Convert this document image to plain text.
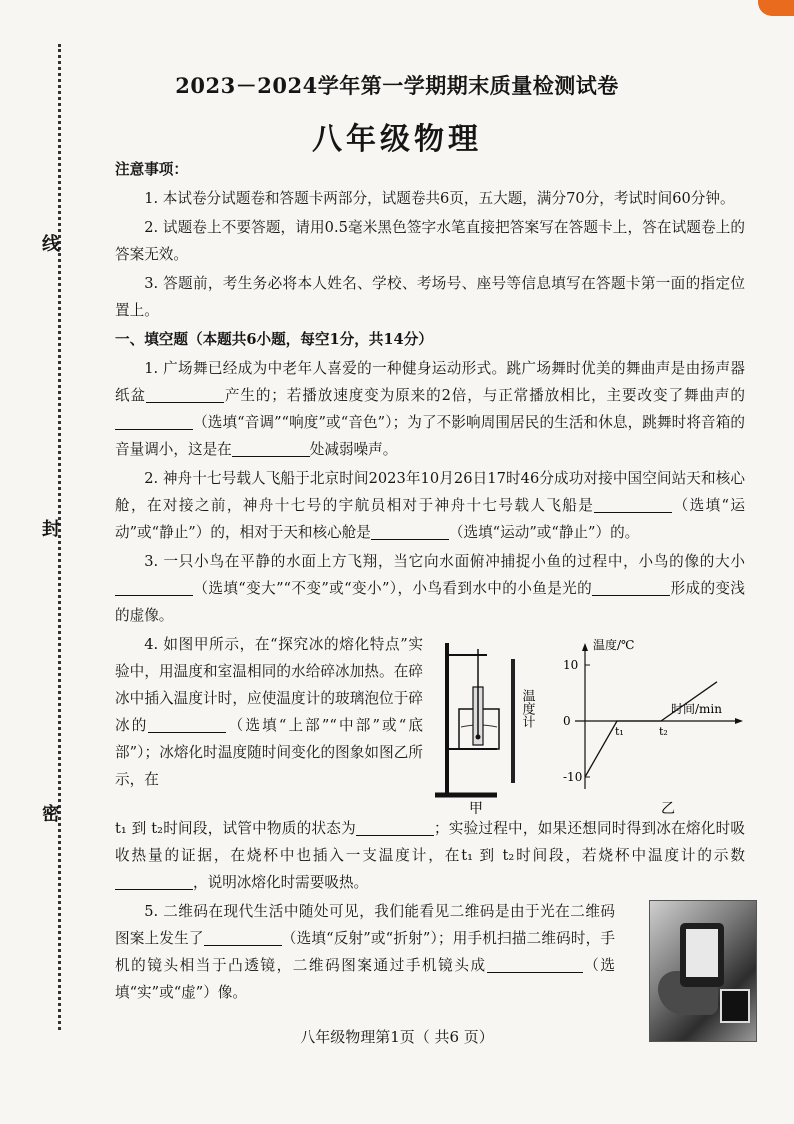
线
封
密
2023－2024学年第一学期期末质量检测试卷
八年级物理

注意事项：

1. 本试卷分试题卷和答题卡两部分，试题卷共6页，五大题，满分70分，考试时间60分钟。

2. 试题卷上不要答题，请用0.5毫米黑色签字水笔直接把答案写在答题卡上，答在试题卷上的答案无效。

3. 答题前，考生务必将本人姓名、学校、考场号、座号等信息填写在答题卡第一面的指定位置上。

一、填空题（本题共6小题，每空1分，共14分）

1. 广场舞已经成为中老年人喜爱的一种健身运动形式。跳广场舞时优美的舞曲声是由扬声器纸盆	产生的；若播放速度变为原来的2倍，与正常播放相比，主要改变了舞曲声的（选填“音调”“响度”或“音色”）；为了不影响周围居民的生活和休息，跳舞时将音箱的音量调小，这是在	处减弱噪声。

2. 神舟十七号载人飞船于北京时间2023年10月26日17时46分成功对接中国空间站天和核心舱，在对接之前，神舟十七号的宇航员相对于神舟十七号载人飞船是	（选填“运动”或“静止”）的，相对于天和核心舱是	（选填“运动”或“静止”）的。

3. 一只小鸟在平静的水面上方飞翔，当它向水面俯冲捕捉小鱼的过程中，小鸟的像的大小（选填“变大”“不变”或“变小”），小鸟看到水中的小鱼是光的	形成的变浅的虚像。

4. 如图甲所示，在“探究冰的熔化特点”实验中，用温度和室温相同的水给碎冰加热。在碎冰中插入温度计时，应使温度计的玻璃泡位于碎冰的	（选填“上部”“中部”或“底部”）；冰熔化时温度随时间变化的图象如图乙所示，在

温度计
甲
温度/℃
时间/min
10
0
-10
t₁	t₂
乙

t₁ 到 t₂时间段，试管中物质的状态为	；实验过程中，如果还想同时得到冰在熔化时吸收热量的证据，在烧杯中也插入一支温度计，在t₁ 到 t₂时间段，若烧杯中温度计的示数，说明冰熔化时需要吸热。

5. 二维码在现代生活中随处可见，我们能看见二维码是由于光在二维码图案上发生了	（选填“反射”或“折射”）；用手机扫描二维码时，手机的镜头相当于凸透镜，二维码图案通过手机镜头成	（选填“实”或“虚”）像。

八年级物理第1页（ 共6 页）
